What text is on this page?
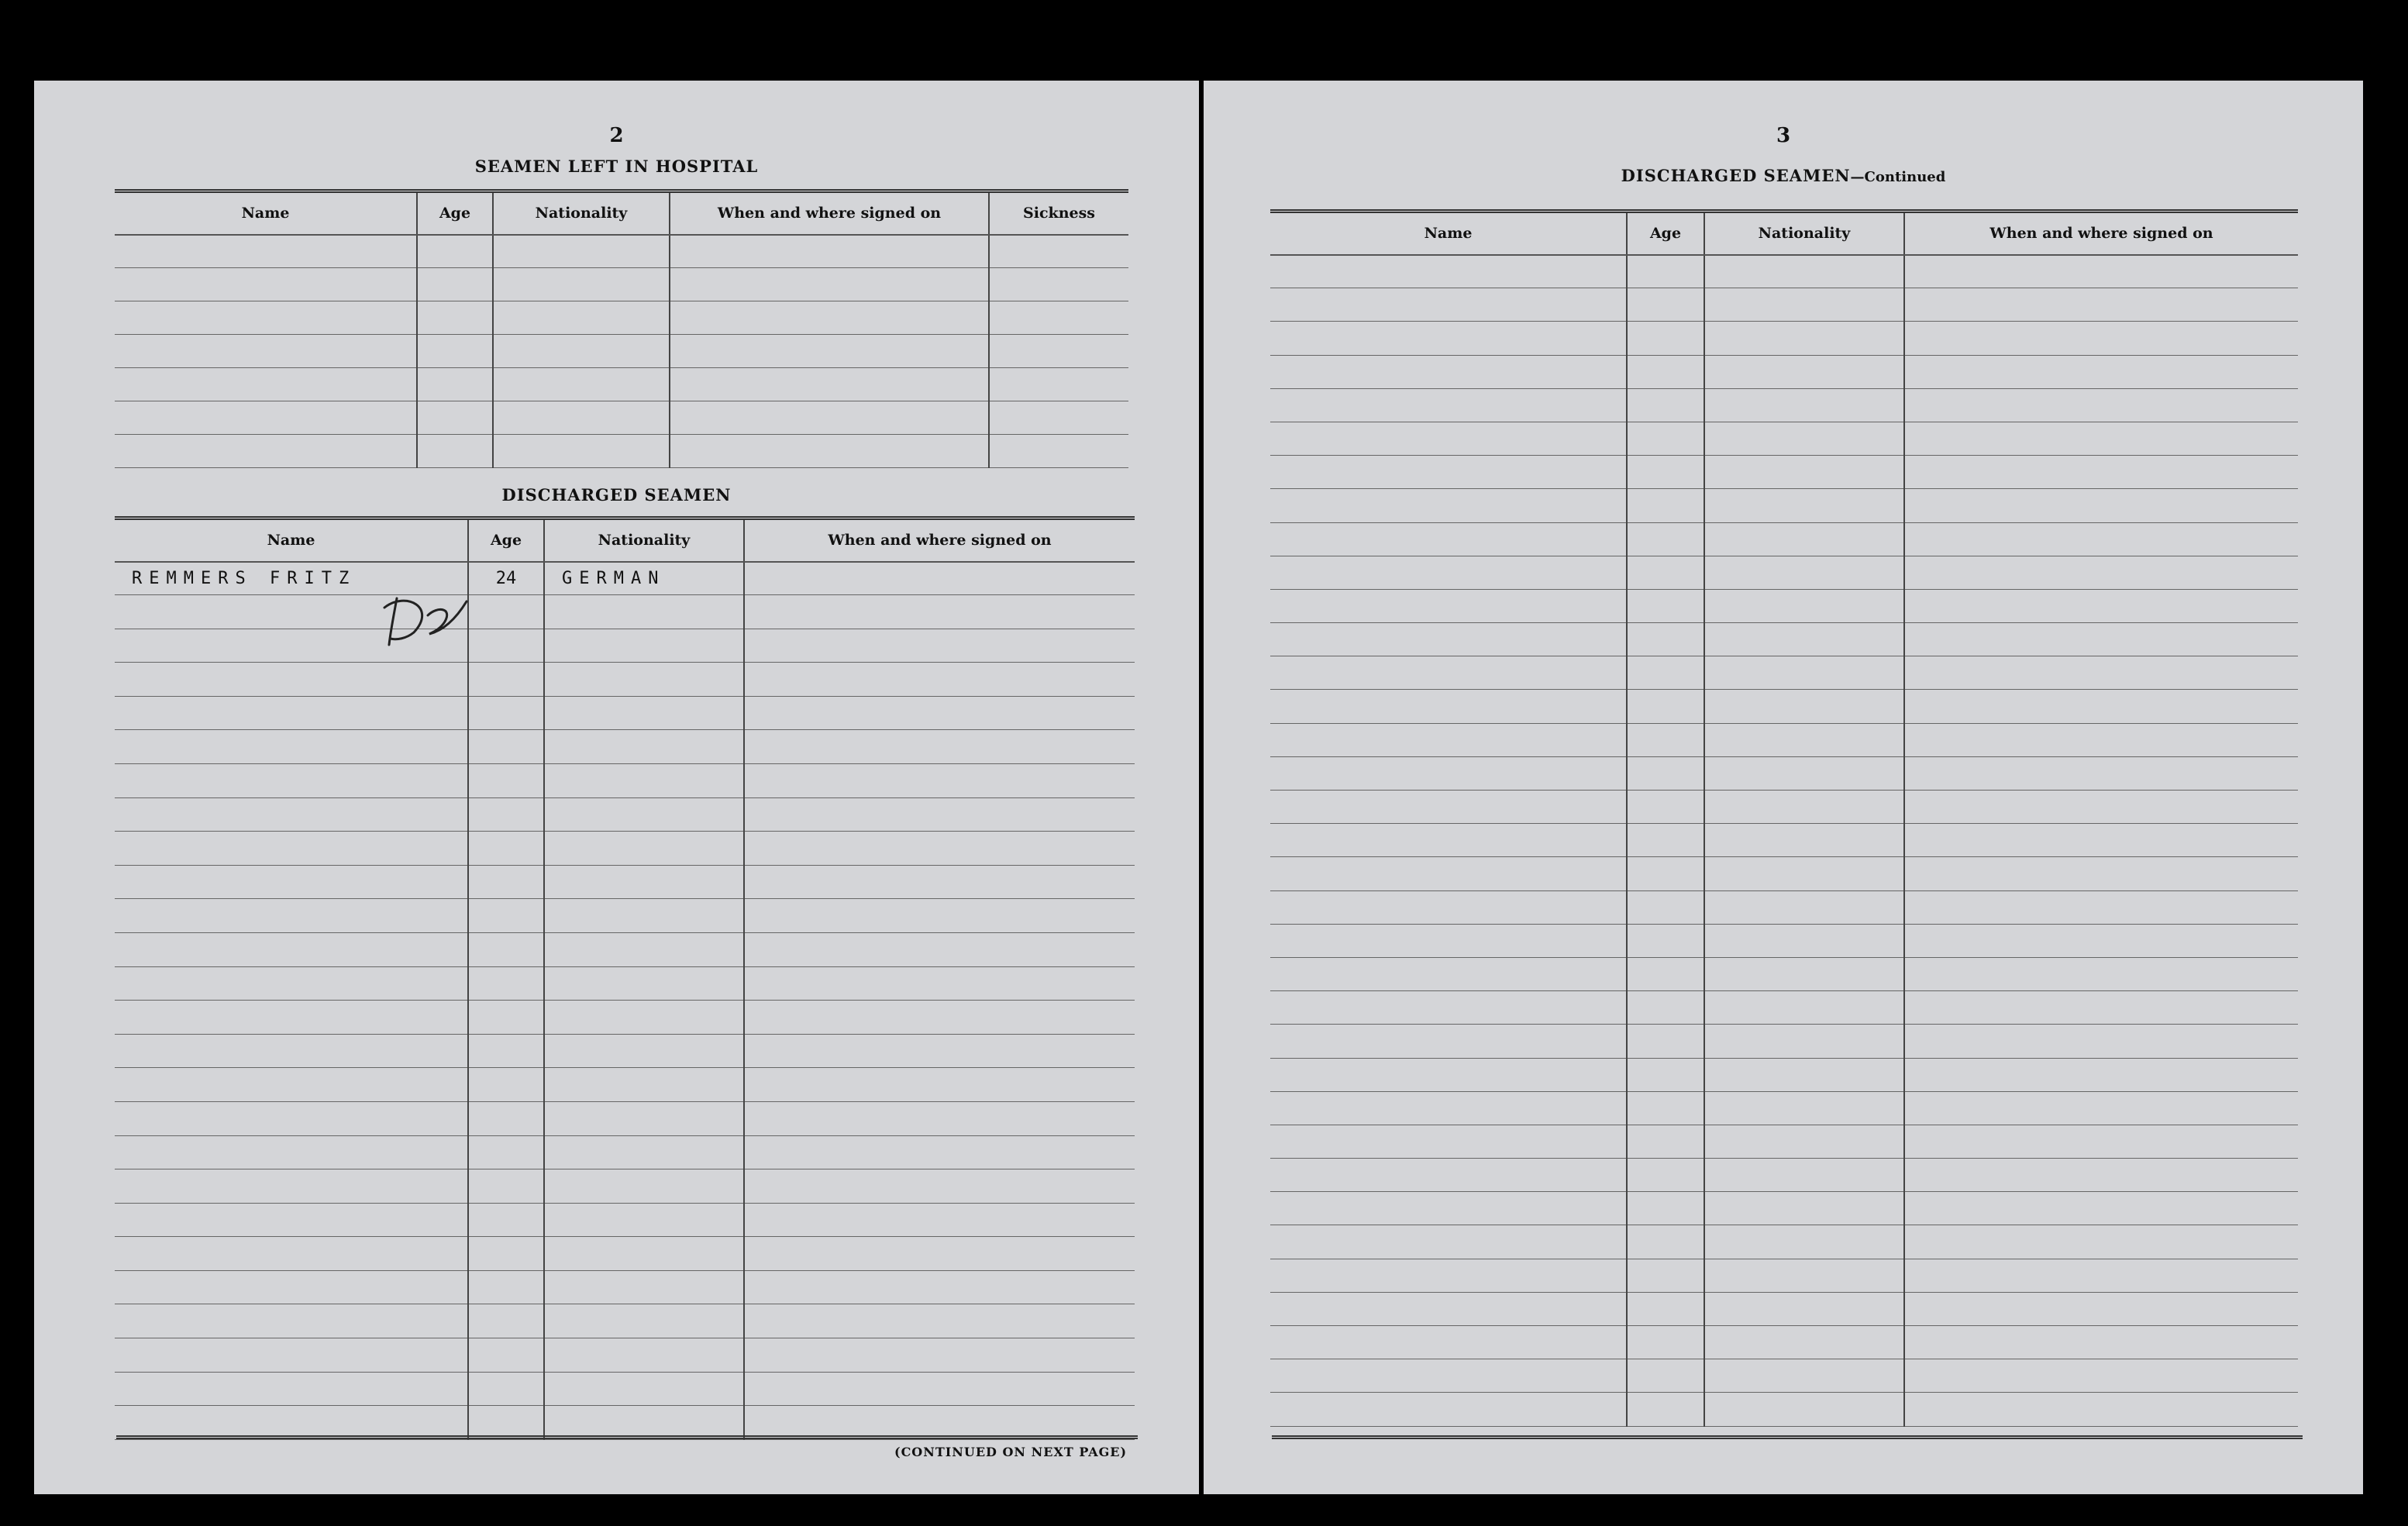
2
SEAMEN LEFT IN HOSPITAL
Name	Age	Nationality	When and where signed on	Sickness

DISCHARGED SEAMEN
Name	Age	Nationality	When and where signed on
REMMERS FRITZ	24	GERMAN	

(CONTINUED ON NEXT PAGE)
3
DISCHARGED SEAMEN—Continued
Name	Age	Nationality	When and where signed on
